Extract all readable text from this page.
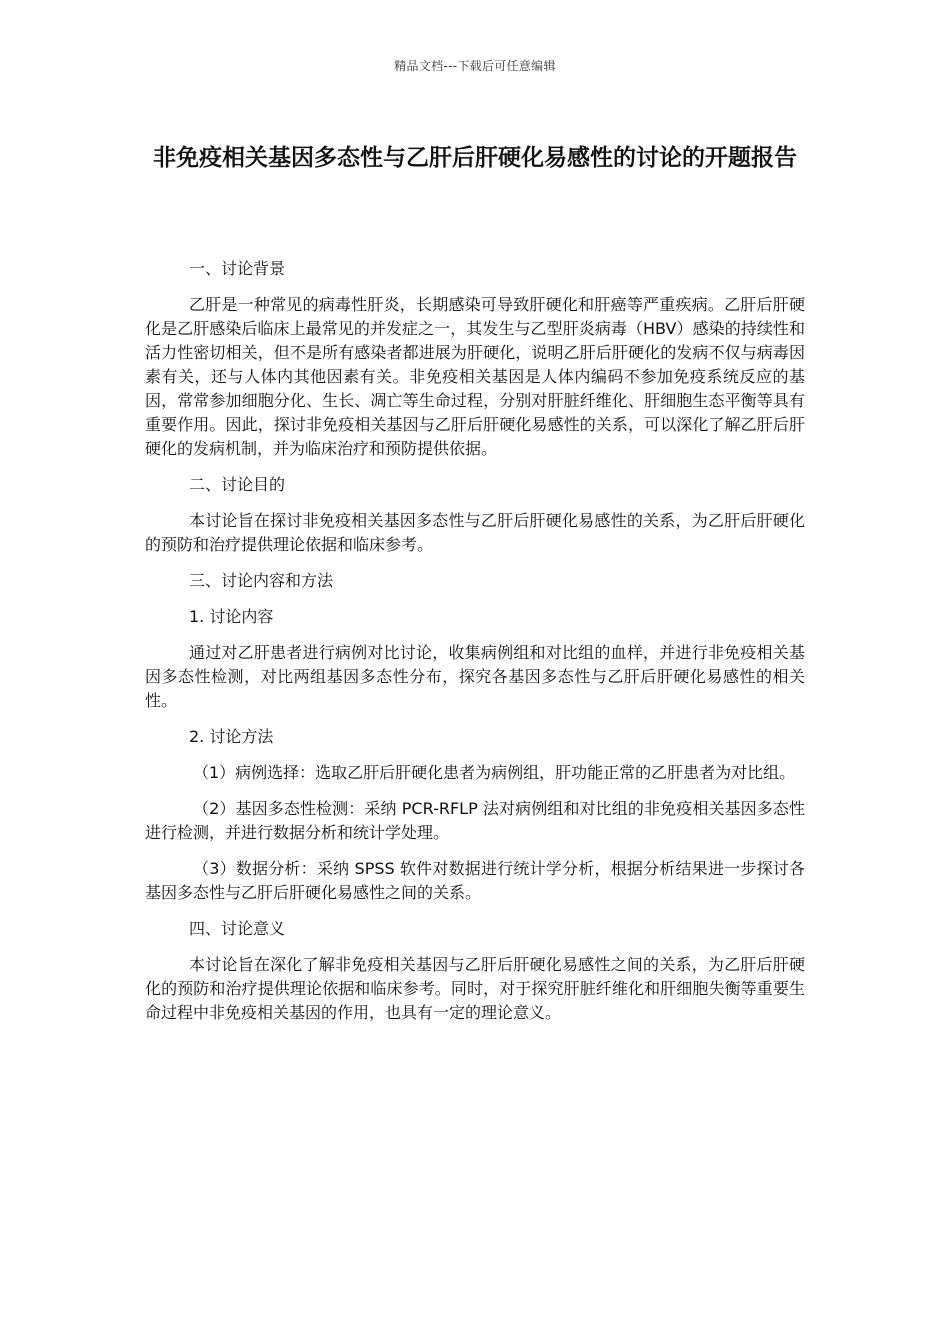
精品文档---下载后可任意编辑
非免疫相关基因多态性与乙肝后肝硬化易感性的讨论的开题报告

一、讨论背景

乙肝是一种常见的病毒性肝炎，长期感染可导致肝硬化和肝癌等严重疾病。乙肝后肝硬化是乙肝感染后临床上最常见的并发症之一，其发生与乙型肝炎病毒（HBV）感染的持续性和活力性密切相关，但不是所有感染者都进展为肝硬化，说明乙肝后肝硬化的发病不仅与病毒因素有关，还与人体内其他因素有关。非免疫相关基因是人体内编码不参加免疫系统反应的基因，常常参加细胞分化、生长、凋亡等生命过程，分别对肝脏纤维化、肝细胞生态平衡等具有重要作用。因此，探讨非免疫相关基因与乙肝后肝硬化易感性的关系，可以深化了解乙肝后肝硬化的发病机制，并为临床治疗和预防提供依据。

二、讨论目的

本讨论旨在探讨非免疫相关基因多态性与乙肝后肝硬化易感性的关系，为乙肝后肝硬化的预防和治疗提供理论依据和临床参考。

三、讨论内容和方法

1. 讨论内容

通过对乙肝患者进行病例对比讨论，收集病例组和对比组的血样，并进行非免疫相关基因多态性检测，对比两组基因多态性分布，探究各基因多态性与乙肝后肝硬化易感性的相关性。

2. 讨论方法

（1）病例选择：选取乙肝后肝硬化患者为病例组，肝功能正常的乙肝患者为对比组。

（2）基因多态性检测：采纳 PCR-RFLP 法对病例组和对比组的非免疫相关基因多态性进行检测，并进行数据分析和统计学处理。

（3）数据分析：采纳 SPSS 软件对数据进行统计学分析，根据分析结果进一步探讨各基因多态性与乙肝后肝硬化易感性之间的关系。

四、讨论意义

本讨论旨在深化了解非免疫相关基因与乙肝后肝硬化易感性之间的关系，为乙肝后肝硬化的预防和治疗提供理论依据和临床参考。同时，对于探究肝脏纤维化和肝细胞失衡等重要生命过程中非免疫相关基因的作用，也具有一定的理论意义。
